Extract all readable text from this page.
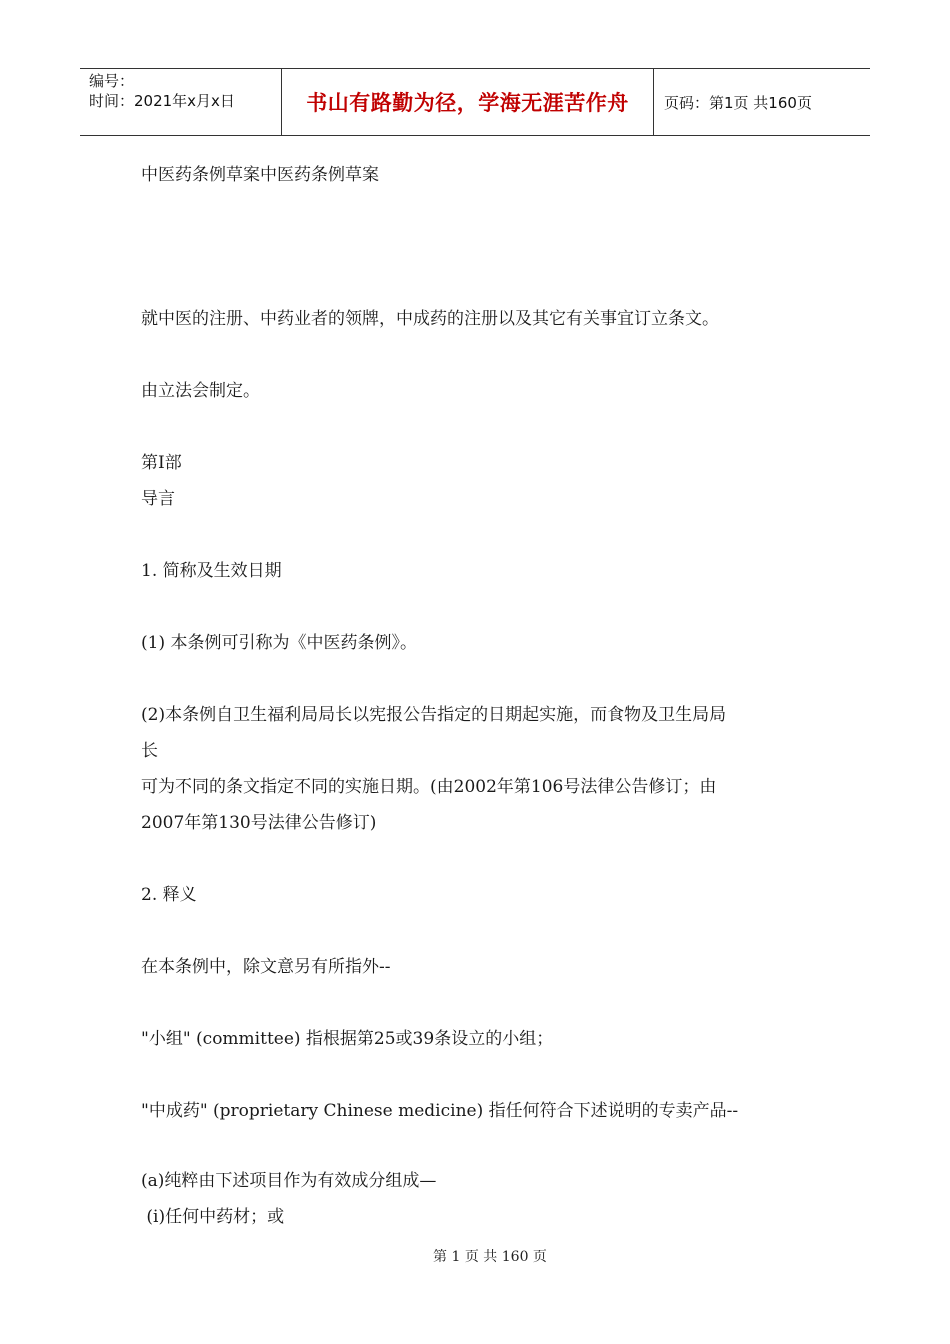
编号：
时间：2021年x月x日	书山有路勤为径，学海无涯苦作舟	页码：第1页 共160页
中医药条例草案中医药条例草案
就中医的注册、中药业者的领牌，中成药的注册以及其它有关事宜订立条文。
由立法会制定。
第I部
导言
1. 简称及生效日期
(1) 本条例可引称为《中医药条例》。
(2)本条例自卫生福利局局长以宪报公告指定的日期起实施，而食物及卫生局局
长
可为不同的条文指定不同的实施日期。(由2002年第106号法律公告修订；由
2007年第130号法律公告修订)
2. 释义
在本条例中，除文意另有所指外--
"小组" (committee) 指根据第25或39条设立的小组；
"中成药" (proprietary Chinese medicine) 指任何符合下述说明的专卖产品--
(a)纯粹由下述项目作为有效成分组成—
(i)任何中药材；或
第 1 页 共 160 页
